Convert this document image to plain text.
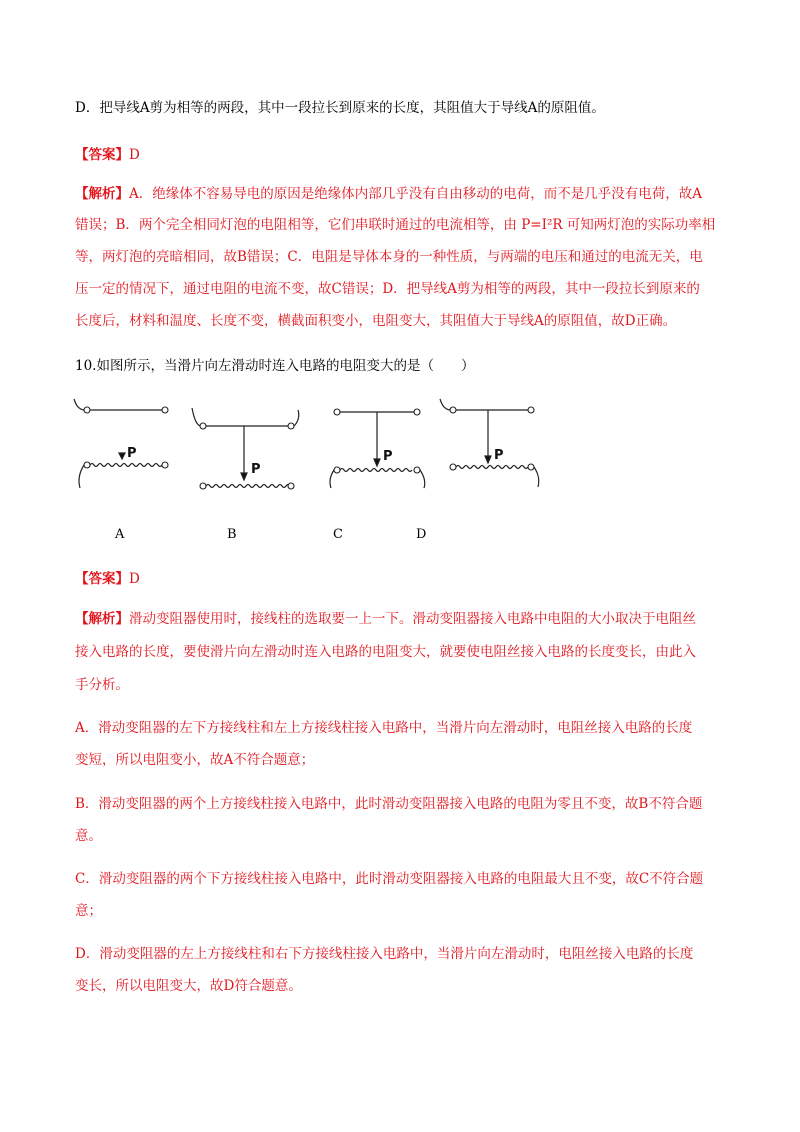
D．把导线A剪为相等的两段，其中一段拉长到原来的长度，其阻值大于导线A的原阻值。
【答案】D
【解析】A．绝缘体不容易导电的原因是绝缘体内部几乎没有自由移动的电荷，而不是几乎没有电荷，故A
错误；B．两个完全相同灯泡的电阻相等，它们串联时通过的电流相等，由 P=I²R 可知两灯泡的实际功率相
等，两灯泡的亮暗相同，故B错误；C．电阻是导体本身的一种性质，与两端的电压和通过的电流无关，电
压一定的情况下，通过电阻的电流不变，故C错误；D．把导线A剪为相等的两段，其中一段拉长到原来的
长度后，材料和温度、长度不变，横截面积变小，电阻变大，其阻值大于导线A的原阻值，故D正确。
10.如图所示，当滑片向左滑动时连入电路的电阻变大的是（　　）
P
P
P	P
A	B	C	D
【答案】D
【解析】滑动变阻器使用时，接线柱的选取要一上一下。滑动变阻器接入电路中电阻的大小取决于电阻丝
接入电路的长度，要使滑片向左滑动时连入电路的电阻变大，就要使电阻丝接入电路的长度变长，由此入
手分析。
A．滑动变阻器的左下方接线柱和左上方接线柱接入电路中，当滑片向左滑动时，电阻丝接入电路的长度
变短，所以电阻变小，故A不符合题意；
B．滑动变阻器的两个上方接线柱接入电路中，此时滑动变阻器接入电路的电阻为零且不变，故B不符合题
意。
C．滑动变阻器的两个下方接线柱接入电路中，此时滑动变阻器接入电路的电阻最大且不变，故C不符合题
意；
D．滑动变阻器的左上方接线柱和右下方接线柱接入电路中，当滑片向左滑动时，电阻丝接入电路的长度
变长，所以电阻变大，故D符合题意。
